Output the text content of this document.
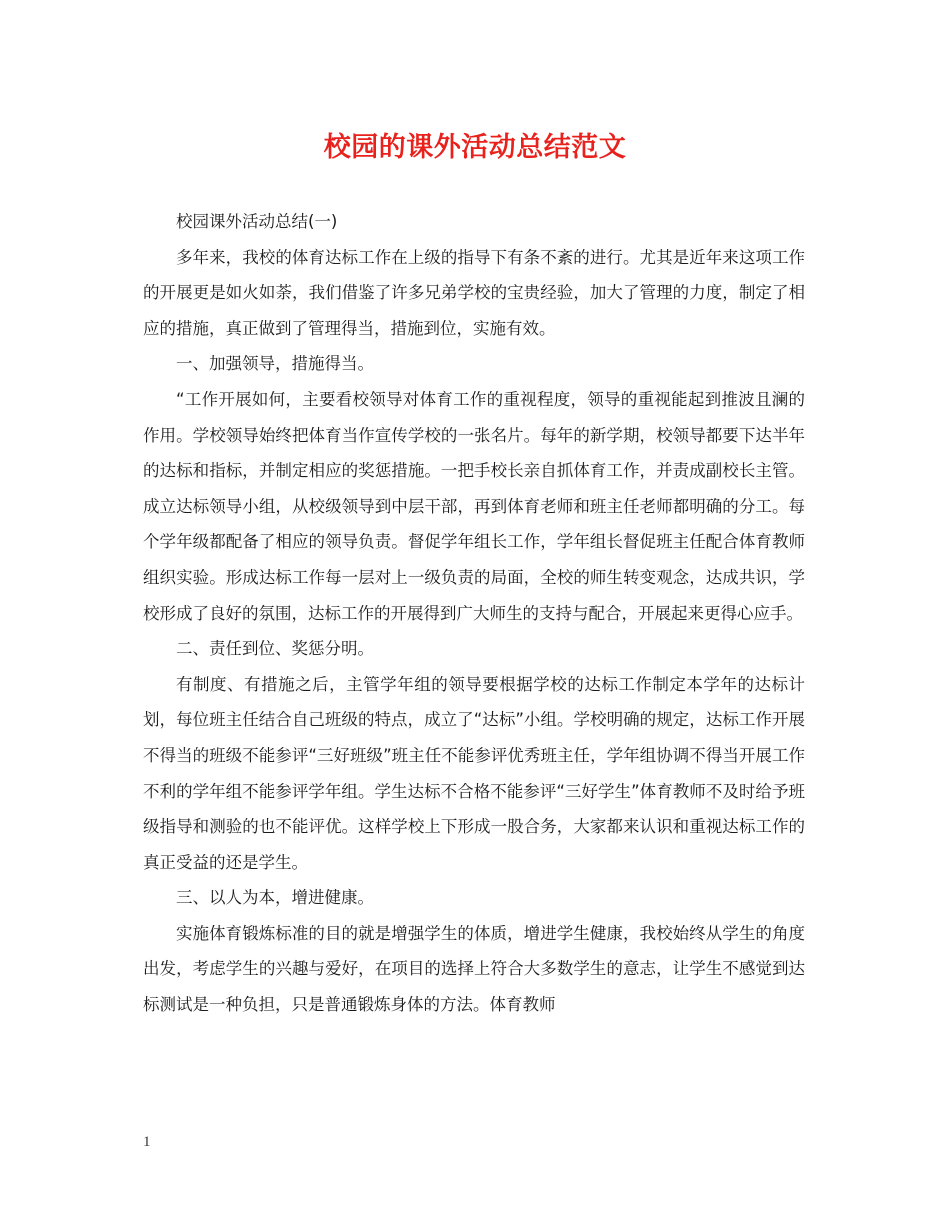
校园的课外活动总结范文

校园课外活动总结(一)

多年来，我校的体育达标工作在上级的指导下有条不紊的进行。尤其是近年来这项工作的开展更是如火如荼，我们借鉴了许多兄弟学校的宝贵经验，加大了管理的力度，制定了相应的措施，真正做到了管理得当，措施到位，实施有效。

一、加强领导，措施得当。

“工作开展如何，主要看校领导对体育工作的重视程度，领导的重视能起到推波且澜的作用。学校领导始终把体育当作宣传学校的一张名片。每年的新学期，校领导都要下达半年的达标和指标，并制定相应的奖惩措施。一把手校长亲自抓体育工作，并责成副校长主管。成立达标领导小组，从校级领导到中层干部，再到体育老师和班主任老师都明确的分工。每个学年级都配备了相应的领导负责。督促学年组长工作，学年组长督促班主任配合体育教师组织实验。形成达标工作每一层对上一级负责的局面，全校的师生转变观念，达成共识，学校形成了良好的氛围，达标工作的开展得到广大师生的支持与配合，开展起来更得心应手。

二、责任到位、奖惩分明。

有制度、有措施之后，主管学年组的领导要根据学校的达标工作制定本学年的达标计划，每位班主任结合自己班级的特点，成立了“达标”小组。学校明确的规定，达标工作开展不得当的班级不能参评“三好班级”班主任不能参评优秀班主任，学年组协调不得当开展工作不利的学年组不能参评学年组。学生达标不合格不能参评“三好学生”体育教师不及时给予班级指导和测验的也不能评优。这样学校上下形成一股合务，大家都来认识和重视达标工作的真正受益的还是学生。

三、以人为本，增进健康。

实施体育锻炼标准的目的就是增强学生的体质，增进学生健康，我校始终从学生的角度出发，考虑学生的兴趣与爱好，在项目的选择上符合大多数学生的意志，让学生不感觉到达标测试是一种负担，只是普通锻炼身体的方法。体育教师

1
